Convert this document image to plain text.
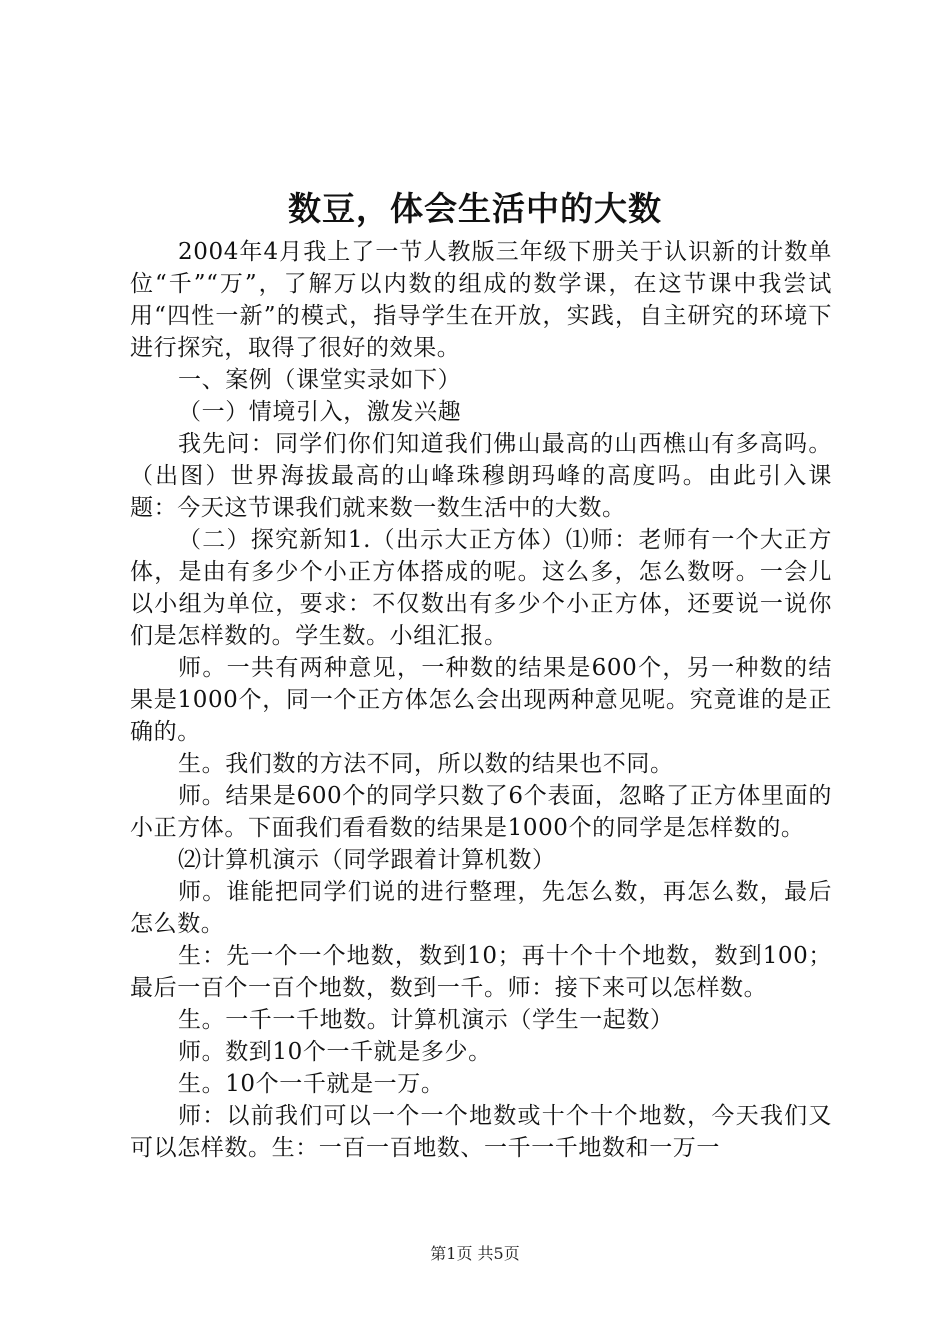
数豆，体会生活中的大数

2004年4月我上了一节人教版三年级下册关于认识新的计数单位“千”“万”，了解万以内数的组成的数学课，在这节课中我尝试用“四性一新”的模式，指导学生在开放，实践，自主研究的环境下进行探究，取得了很好的效果。

一、案例（课堂实录如下）

（一）情境引入，激发兴趣

我先问：同学们你们知道我们佛山最高的山西樵山有多高吗。（出图）世界海拔最高的山峰珠穆朗玛峰的高度吗。由此引入课题：今天这节课我们就来数一数生活中的大数。

（二）探究新知1.（出示大正方体）⑴师：老师有一个大正方体，是由有多少个小正方体搭成的呢。这么多，怎么数呀。一会儿以小组为单位，要求：不仅数出有多少个小正方体，还要说一说你们是怎样数的。学生数。小组汇报。

师。一共有两种意见，一种数的结果是600个，另一种数的结果是1000个，同一个正方体怎么会出现两种意见呢。究竟谁的是正确的。

生。我们数的方法不同，所以数的结果也不同。

师。结果是600个的同学只数了6个表面，忽略了正方体里面的小正方体。下面我们看看数的结果是1000个的同学是怎样数的。

⑵计算机演示（同学跟着计算机数）

师。谁能把同学们说的进行整理，先怎么数，再怎么数，最后怎么数。

生：先一个一个地数，数到10；再十个十个地数，数到100；最后一百个一百个地数，数到一千。师：接下来可以怎样数。

生。一千一千地数。计算机演示（学生一起数）

师。数到10个一千就是多少。

生。10个一千就是一万。

师：以前我们可以一个一个地数或十个十个地数，今天我们又可以怎样数。生：一百一百地数、一千一千地数和一万一

第1页 共5页
